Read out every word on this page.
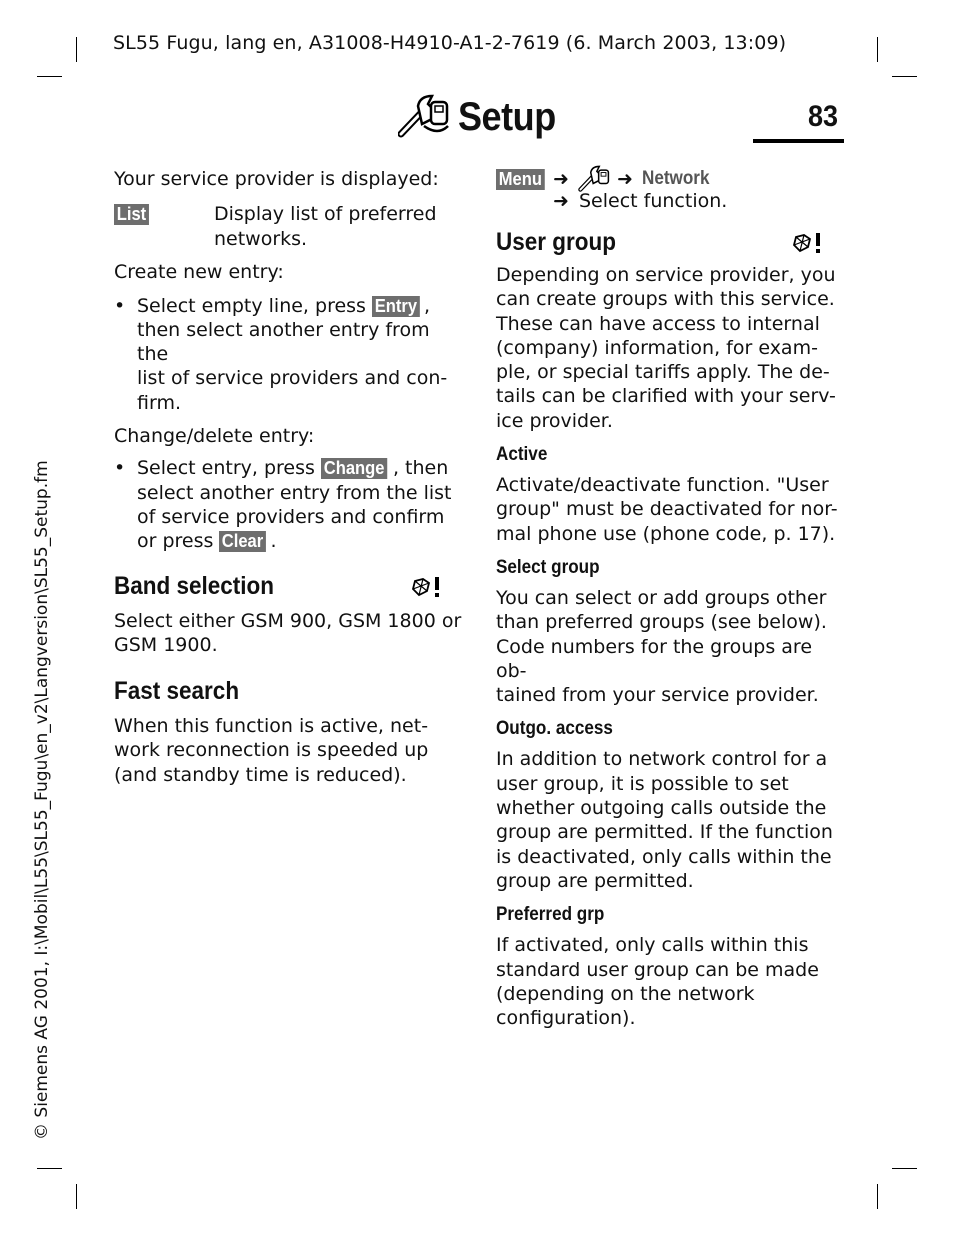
SL55 Fugu, lang en, A31008-H4910-A1-2-7619 (6. March 2003, 13:09)
Setup	83

Your service provider is displayed:

List	Display list of preferred

networks.

Create new entry:

• Select empty line, press Entry ,

then select another entry from the

list of service providers and con-

firm.

Change/delete entry:

• Select entry, press Change , then

select another entry from the list

of service providers and confirm

or press Clear .

Band selection

Select either GSM 900, GSM 1800 or

GSM 1900.

Fast search

When this function is active, net-

work reconnection is speeded up

(and standby time is reduced).

Menu ➜	➜ Network
➜ Select function.
User group

Depending on service provider, you

can create groups with this service.

These can have access to internal

(company) information, for exam-

ple, or special tariffs apply. The de-

tails can be clarified with your serv-

ice provider.

Active

Activate/deactivate function. "User

group" must be deactivated for nor-

mal phone use (phone code, p. 17).

Select group

You can select or add groups other

than preferred groups (see below).

Code numbers for the groups are ob-

tained from your service provider.

Outgo. access

In addition to network control for a

user group, it is possible to set

whether outgoing calls outside the

group are permitted. If the function

is deactivated, only calls within the

group are permitted.

Preferred grp

If activated, only calls within this

standard user group can be made

(depending on the network

configuration).

© Siemens AG 2001, I:\Mobil\L55\SL55_Fugu\en_v2\Langversion\SL55_Setup.fm
